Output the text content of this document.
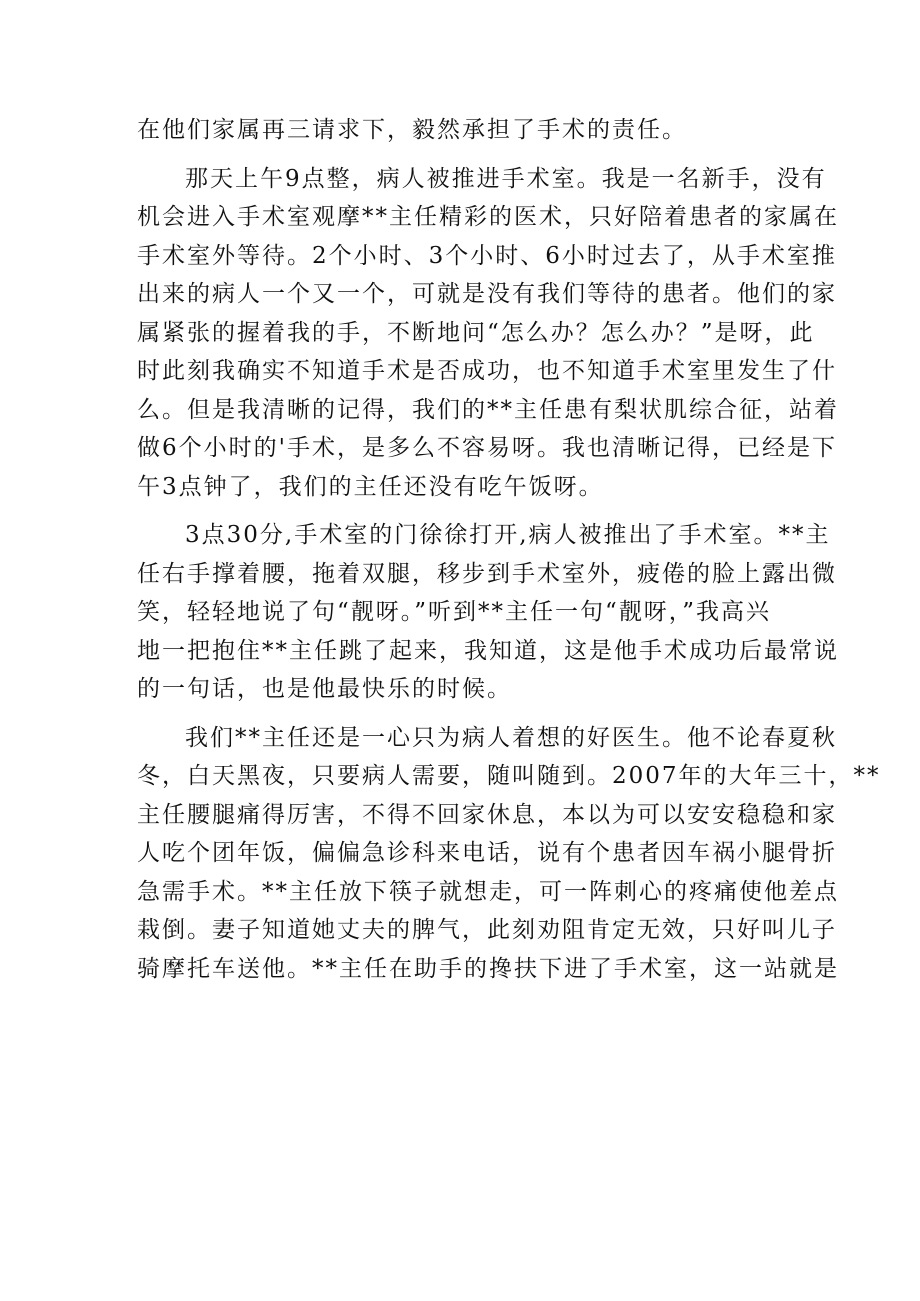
在他们家属再三请求下，毅然承担了手术的责任。
那天上午9点整，病人被推进手术室。我是一名新手，没有
机会进入手术室观摩**主任精彩的医术，只好陪着患者的家属在
手术室外等待。2个小时、3个小时、6小时过去了，从手术室推
出来的病人一个又一个，可就是没有我们等待的患者。他们的家
属紧张的握着我的手，不断地问“怎么办？怎么办？”是呀，此
时此刻我确实不知道手术是否成功，也不知道手术室里发生了什
么。但是我清晰的记得，我们的**主任患有梨状肌综合征，站着
做6个小时的'手术，是多么不容易呀。我也清晰记得，已经是下
午3点钟了，我们的主任还没有吃午饭呀。
3点30分,手术室的门徐徐打开,病人被推出了手术室。**主
任右手撑着腰，拖着双腿，移步到手术室外，疲倦的脸上露出微
笑，轻轻地说了句“靓呀。”听到**主任一句“靓呀，”我高兴
地一把抱住**主任跳了起来，我知道，这是他手术成功后最常说
的一句话，也是他最快乐的时候。
我们**主任还是一心只为病人着想的好医生。他不论春夏秋
冬，白天黑夜，只要病人需要，随叫随到。2007年的大年三十，**
主任腰腿痛得厉害，不得不回家休息，本以为可以安安稳稳和家
人吃个团年饭，偏偏急诊科来电话，说有个患者因车祸小腿骨折
急需手术。**主任放下筷子就想走，可一阵刺心的疼痛使他差点
栽倒。妻子知道她丈夫的脾气，此刻劝阻肯定无效，只好叫儿子
骑摩托车送他。**主任在助手的搀扶下进了手术室，这一站就是
